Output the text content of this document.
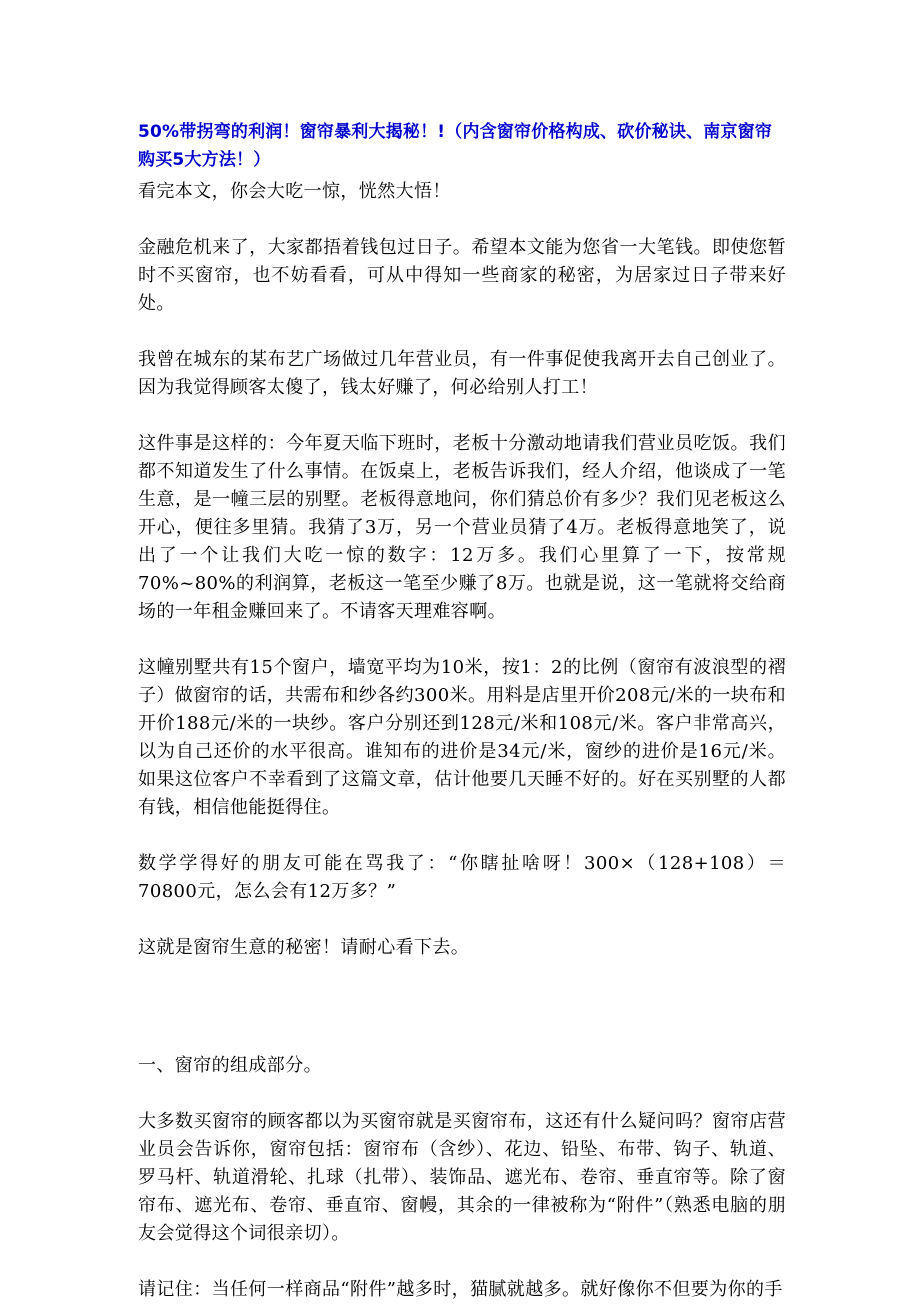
50%带拐弯的利润！窗帘暴利大揭秘！!（内含窗帘价格构成、砍价秘诀、南京窗帘购买5大方法！）

看完本文，你会大吃一惊，恍然大悟！

金融危机来了，大家都捂着钱包过日子。希望本文能为您省一大笔钱。即使您暂时不买窗帘，也不妨看看，可从中得知一些商家的秘密，为居家过日子带来好处。

我曾在城东的某布艺广场做过几年营业员，有一件事促使我离开去自己创业了。因为我觉得顾客太傻了，钱太好赚了，何必给别人打工！

这件事是这样的：今年夏天临下班时，老板十分激动地请我们营业员吃饭。我们都不知道发生了什么事情。在饭桌上，老板告诉我们，经人介绍，他谈成了一笔生意，是一幢三层的别墅。老板得意地问，你们猜总价有多少？我们见老板这么开心，便往多里猜。我猜了3万，另一个营业员猜了4万。老板得意地笑了，说出了一个让我们大吃一惊的数字：12万多。我们心里算了一下，按常规70%~80%的利润算，老板这一笔至少赚了8万。也就是说，这一笔就将交给商场的一年租金赚回来了。不请客天理难容啊。

这幢别墅共有15个窗户，墙宽平均为10米，按1：2的比例（窗帘有波浪型的褶子）做窗帘的话，共需布和纱各约300米。用料是店里开价208元/米的一块布和开价188元/米的一块纱。客户分别还到128元/米和108元/米。客户非常高兴，以为自己还价的水平很高。谁知布的进价是34元/米，窗纱的进价是16元/米。如果这位客户不幸看到了这篇文章，估计他要几天睡不好的。好在买别墅的人都有钱，相信他能挺得住。

数学学得好的朋友可能在骂我了：“你瞎扯啥呀！300×（128+108）＝70800元，怎么会有12万多？”

这就是窗帘生意的秘密！请耐心看下去。

一、窗帘的组成部分。

大多数买窗帘的顾客都以为买窗帘就是买窗帘布，这还有什么疑问吗？窗帘店营业员会告诉你，窗帘包括：窗帘布（含纱）、花边、铅坠、布带、钩子、轨道、罗马杆、轨道滑轮、扎球（扎带）、装饰品、遮光布、卷帘、垂直帘等。除了窗帘布、遮光布、卷帘、垂直帘、窗幔，其余的一律被称为“附件”（熟悉电脑的朋友会觉得这个词很亲切）。

请记住：当任何一样商品“附件”越多时，猫腻就越多。就好像你不但要为你的手
